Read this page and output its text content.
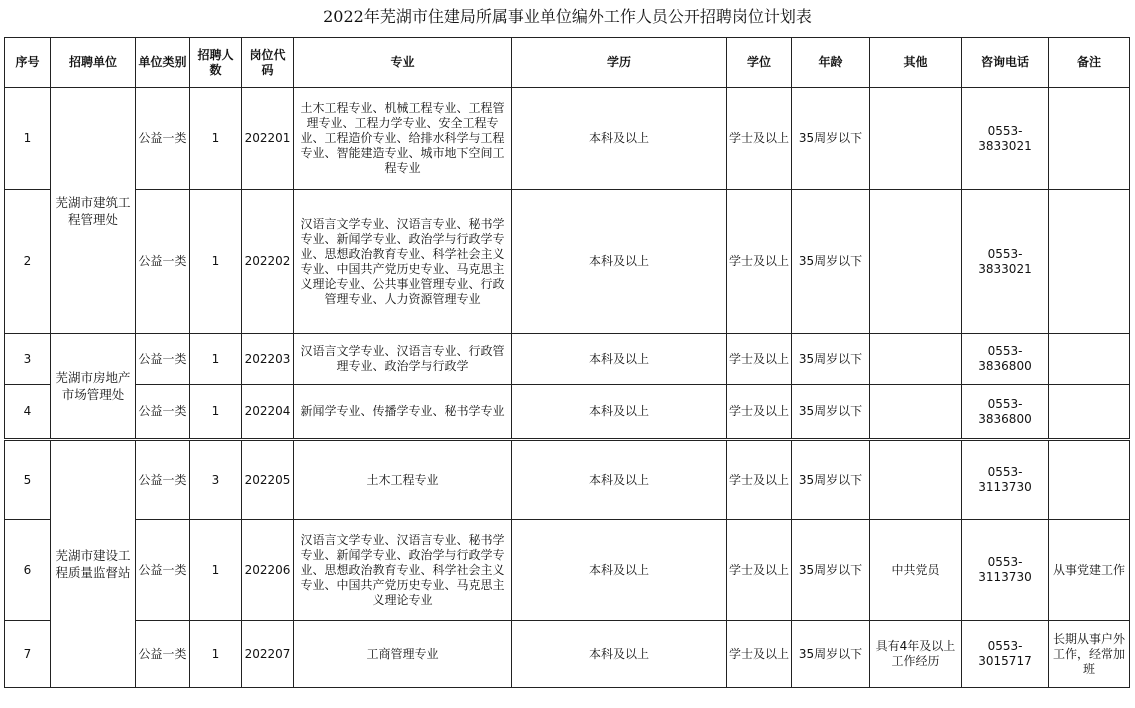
2022年芜湖市住建局所属事业单位编外工作人员公开招聘岗位计划表
序号	招聘单位	单位类别	招聘人数	岗位代码	专业	学历	学位	年龄	其他	咨询电话	备注
1	芜湖市建筑工程管理处	公益一类	1	202201	土木工程专业、机械工程专业、工程管理专业、工程力学专业、安全工程专业、工程造价专业、给排水科学与工程专业、智能建造专业、城市地下空间工程专业	本科及以上	学士及以上	35周岁以下		0553-3833021	
2		公益一类	1	202202	汉语言文学专业、汉语言专业、秘书学专业、新闻学专业、政治学与行政学专业、思想政治教育专业、科学社会主义专业、中国共产党历史专业、马克思主义理论专业、公共事业管理专业、行政管理专业、人力资源管理专业	本科及以上	学士及以上	35周岁以下		0553-3833021	
3	芜湖市房地产市场管理处	公益一类	1	202203	汉语言文学专业、汉语言专业、行政管理专业、政治学与行政学	本科及以上	学士及以上	35周岁以下		0553-3836800	
4		公益一类	1	202204	新闻学专业、传播学专业、秘书学专业	本科及以上	学士及以上	35周岁以下		0553-3836800	
5	芜湖市建设工程质量监督站	公益一类	3	202205	土木工程专业	本科及以上	学士及以上	35周岁以下		0553-3113730	
6		公益一类	1	202206	汉语言文学专业、汉语言专业、秘书学专业、新闻学专业、政治学与行政学专业、思想政治教育专业、科学社会主义专业、中国共产党历史专业、马克思主义理论专业	本科及以上	学士及以上	35周岁以下	中共党员	0553-3113730	从事党建工作
7		公益一类	1	202207	工商管理专业	本科及以上	学士及以上	35周岁以下	具有4年及以上工作经历	0553-3015717	长期从事户外工作，经常加班
